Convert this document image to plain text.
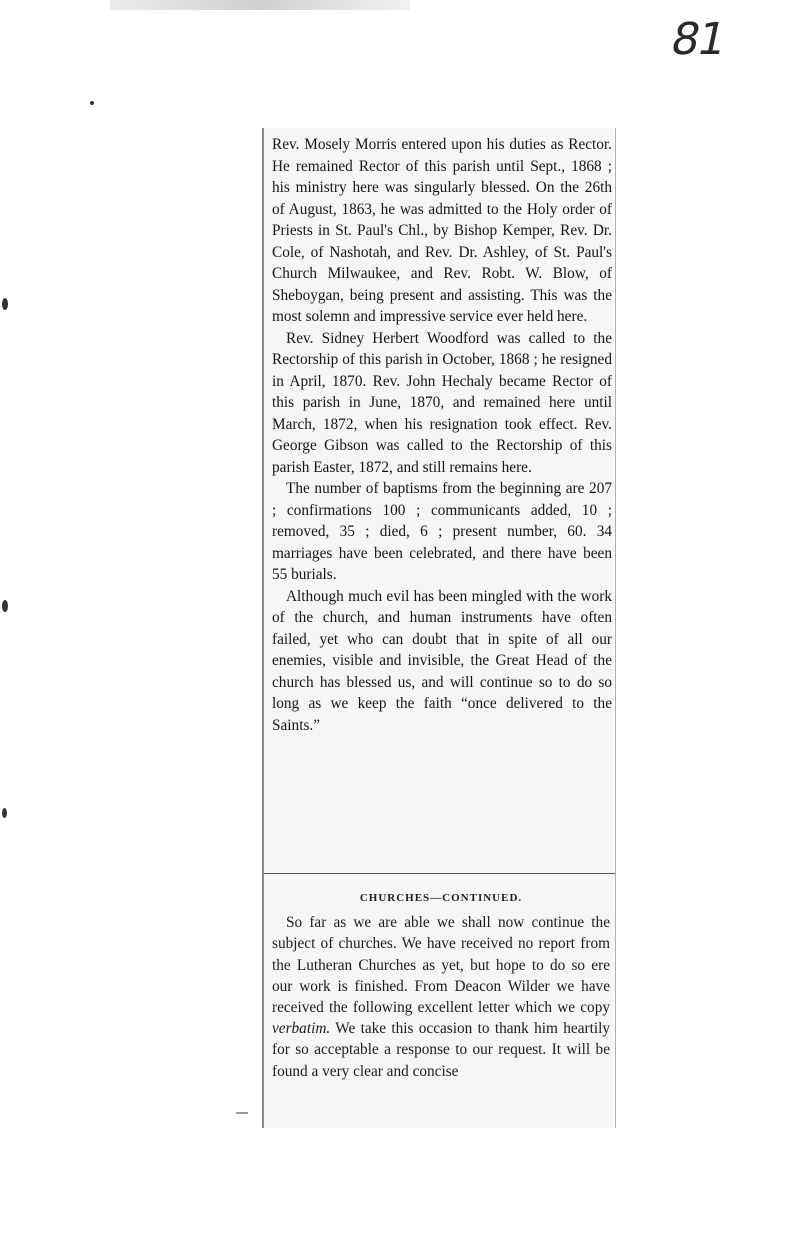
81

Rev. Mosely Morris entered upon his duties as Rector. He remained Rector of this parish until Sept., 1868 ; his ministry here was singularly blessed. On the 26th of August, 1863, he was admitted to the Holy order of Priests in St. Paul's Chl., by Bishop Kemper, Rev. Dr. Cole, of Nashotah, and Rev. Dr. Ashley, of St. Paul's Church Milwaukee, and Rev. Robt. W. Blow, of Sheboygan, being present and assisting. This was the most solemn and impressive service ever held here.

Rev. Sidney Herbert Woodford was called to the Rectorship of this parish in October, 1868 ; he resigned in April, 1870. Rev. John Hechaly became Rector of this parish in June, 1870, and remained here until March, 1872, when his resignation took effect. Rev. George Gibson was called to the Rectorship of this parish Easter, 1872, and still remains here.

The number of baptisms from the beginning are 207 ; confirmations 100 ; communicants added, 10 ; removed, 35 ; died, 6 ; present number, 60. 34 marriages have been celebrated, and there have been 55 burials.

Although much evil has been mingled with the work of the church, and human instruments have often failed, yet who can doubt that in spite of all our enemies, visible and invisible, the Great Head of the church has blessed us, and will continue so to do so long as we keep the faith “once delivered to the Saints.”

CHURCHES—CONTINUED.

So far as we are able we shall now continue the subject of churches. We have received no report from the Lutheran Churches as yet, but hope to do so ere our work is finished. From Deacon Wilder we have received the following excellent letter which we copy verbatim. We take this occasion to thank him heartily for so acceptable a response to our request. It will be found a very clear and concise
